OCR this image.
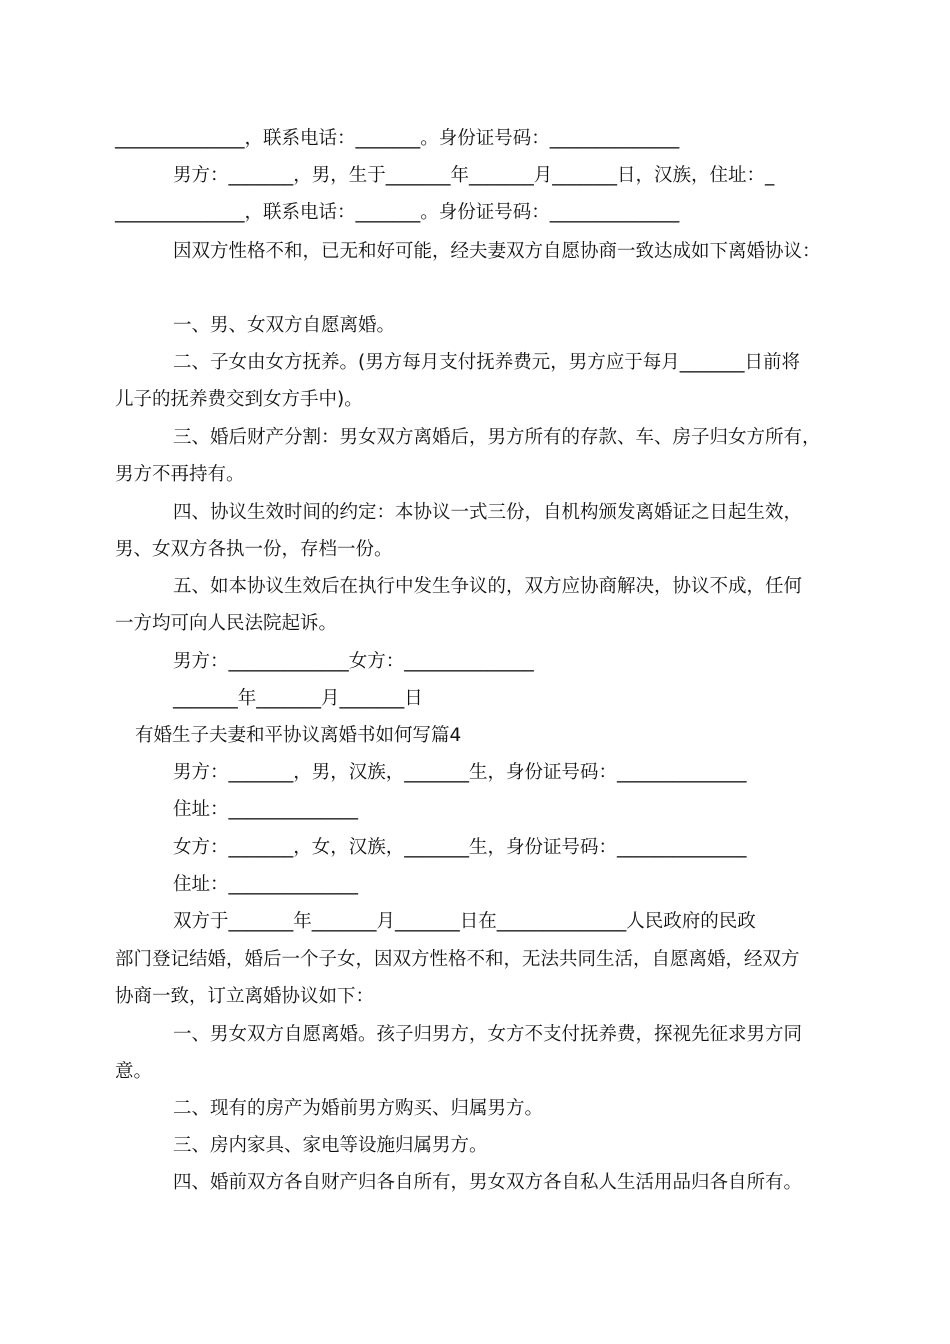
______________，联系电话：_______。身份证号码：______________

男方：_______，男，生于_______年_______月_______日，汉族，住址：_

______________，联系电话：_______。身份证号码：______________

因双方性格不和，已无和好可能，经夫妻双方自愿协商一致达成如下离婚协议：

一、男、女双方自愿离婚。

二、子女由女方抚养。(男方每月支付抚养费元，男方应于每月_______日前将

儿子的抚养费交到女方手中)。

三、婚后财产分割：男女双方离婚后，男方所有的存款、车、房子归女方所有，

男方不再持有。

四、协议生效时间的约定：本协议一式三份，自机构颁发离婚证之日起生效，

男、女双方各执一份，存档一份。

五、如本协议生效后在执行中发生争议的，双方应协商解决，协议不成，任何

一方均可向人民法院起诉。

男方：_____________女方：______________

_______年_______月_______日

有婚生子夫妻和平协议离婚书如何写篇4

男方：_______，男，汉族，_______生，身份证号码：______________

住址：______________

女方：_______，女，汉族，_______生，身份证号码：______________

住址：______________

双方于_______年_______月_______日在______________人民政府的民政

部门登记结婚，婚后一个子女，因双方性格不和，无法共同生活，自愿离婚，经双方

协商一致，订立离婚协议如下：

一、男女双方自愿离婚。孩子归男方，女方不支付抚养费，探视先征求男方同

意。

二、现有的房产为婚前男方购买、归属男方。

三、房内家具、家电等设施归属男方。

四、婚前双方各自财产归各自所有，男女双方各自私人生活用品归各自所有。
